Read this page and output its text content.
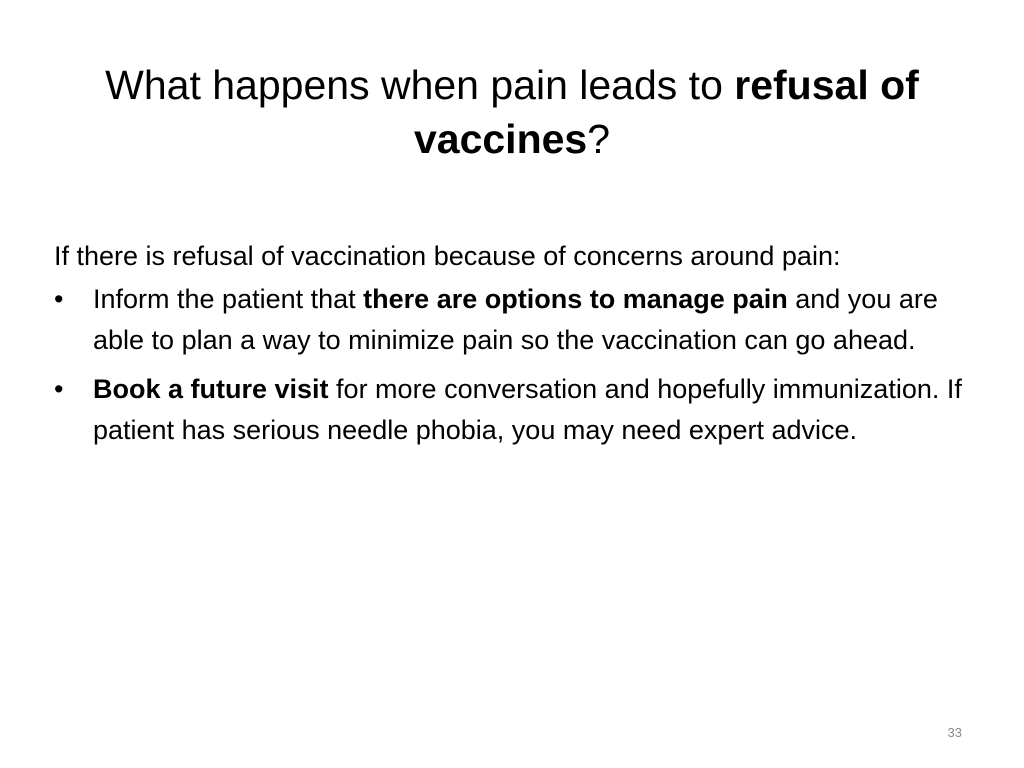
What happens when pain leads to refusal of vaccines?

If there is refusal of vaccination because of concerns around pain:

• Inform the patient that there are options to manage pain and you are able to plan a way to minimize pain so the vaccination can go ahead.
• Book a future visit for more conversation and hopefully immunization. If patient has serious needle phobia, you may need expert advice.
33
